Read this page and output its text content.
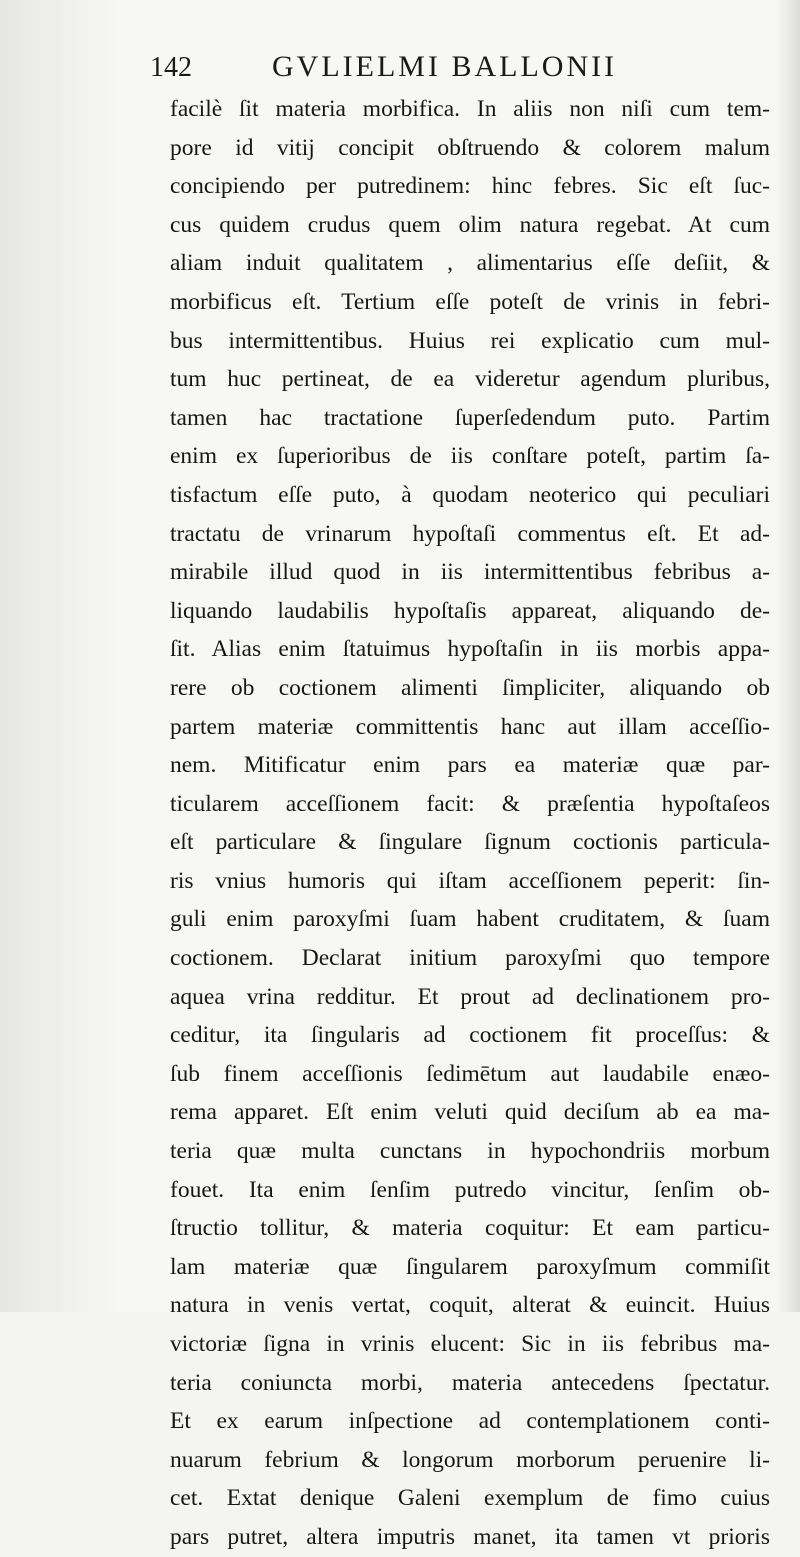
142	GVLIELMI BALLONII
facilè ſit materia morbifica. In aliis non niſi cum tem-
pore id vitij concipit obſtruendo & colorem malum
concipiendo per putredinem: hinc febres. Sic eſt ſuc-
cus quidem crudus quem olim natura regebat. At cum
aliam induit qualitatem , alimentarius eſſe deſiit, &
morbificus eſt. Tertium eſſe poteſt de vrinis in febri-
bus intermittentibus. Huius rei explicatio cum mul-
tum huc pertineat, de ea videretur agendum pluribus,
tamen hac tractatione ſuperſedendum puto. Partim
enim ex ſuperioribus de iis conſtare poteſt, partim ſa-
tisfactum eſſe puto, à quodam neoterico qui peculiari
tractatu de vrinarum hypoſtaſi commentus eſt. Et ad-
mirabile illud quod in iis intermittentibus febribus a-
liquando laudabilis hypoſtaſis appareat, aliquando de-
ſit. Alias enim ſtatuimus hypoſtaſin in iis morbis appa-
rere ob coctionem alimenti ſimpliciter, aliquando ob
partem materiæ committentis hanc aut illam acceſſio-
nem. Mitificatur enim pars ea materiæ quæ par-
ticularem acceſſionem facit: & præſentia hypoſtaſeos
eſt particulare & ſingulare ſignum coctionis particula-
ris vnius humoris qui iſtam acceſſionem peperit: ſin-
guli enim paroxyſmi ſuam habent cruditatem, & ſuam
coctionem. Declarat initium paroxyſmi quo tempore
aquea vrina redditur. Et prout ad declinationem pro-
ceditur, ita ſingularis ad coctionem fit proceſſus: &
ſub finem acceſſionis ſedimētum aut laudabile enæo-
rema apparet. Eſt enim veluti quid deciſum ab ea ma-
teria quæ multa cunctans in hypochondriis morbum
fouet. Ita enim ſenſim putredo vincitur, ſenſim ob-
ſtructio tollitur, & materia coquitur: Et eam particu-
lam materiæ quæ ſingularem paroxyſmum commiſit
natura in venis vertat, coquit, alterat & euincit. Huius
victoriæ ſigna in vrinis elucent: Sic in iis febribus ma-
teria coniuncta morbi, materia antecedens ſpectatur.
Et ex earum inſpectione ad contemplationem conti-
nuarum febrium & longorum morborum peruenire li-
cet. Extat denique Galeni exemplum de fimo cuius
pars putret, altera imputris manet, ita tamen vt prioris
